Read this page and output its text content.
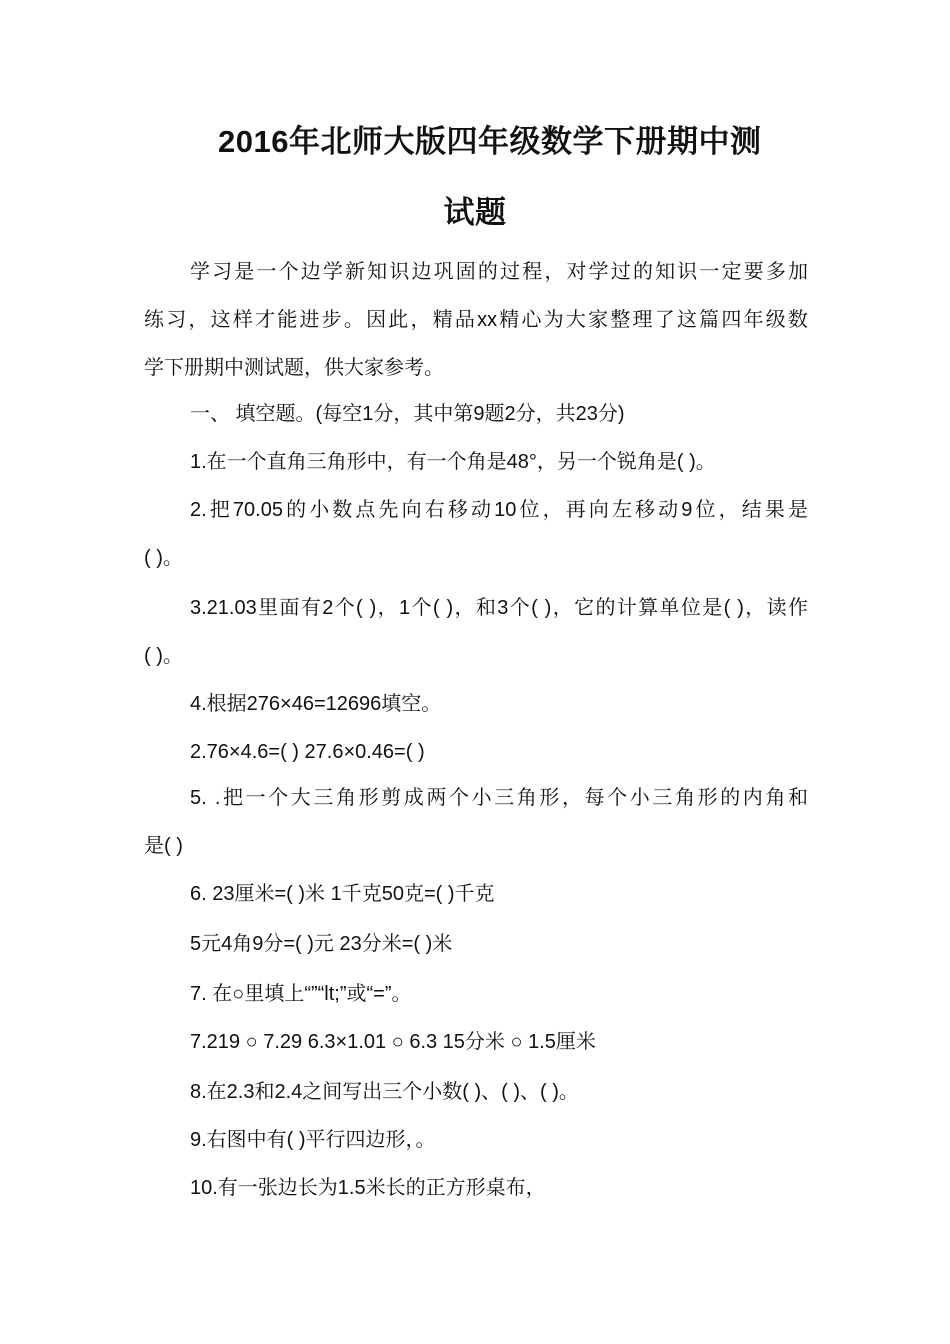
2016年北师大版四年级数学下册期中测
试题
学习是一个边学新知识边巩固的过程，对学过的知识一定要多加
练习，这样才能进步。因此，精品xx精心为大家整理了这篇四年级数
学下册期中测试题，供大家参考。
一、 填空题。(每空1分，其中第9题2分，共23分)
1.在一个直角三角形中，有一个角是48°，另一个锐角是( )。
2.把70.05的小数点先向右移动10位，再向左移动9位，结果是
( )。
3.21.03里面有2个( )，1个( )，和3个( )，它的计算单位是( )，读作
( )。
4.根据276×46=12696填空。
2.76×4.6=( ) 27.6×0.46=( )
5. .把一个大三角形剪成两个小三角形，每个小三角形的内角和
是( )
6. 23厘米=( )米 1千克50克=( )千克
5元4角9分=( )元 23分米=( )米
7. 在○里填上“”“lt;”或“=”。
7.219 ○ 7.29 6.3×1.01 ○ 6.3 15分米 ○ 1.5厘米
8.在2.3和2.4之间写出三个小数( )、( )、( )。
9.右图中有( )平行四边形，。
10.有一张边长为1.5米长的正方形桌布，
